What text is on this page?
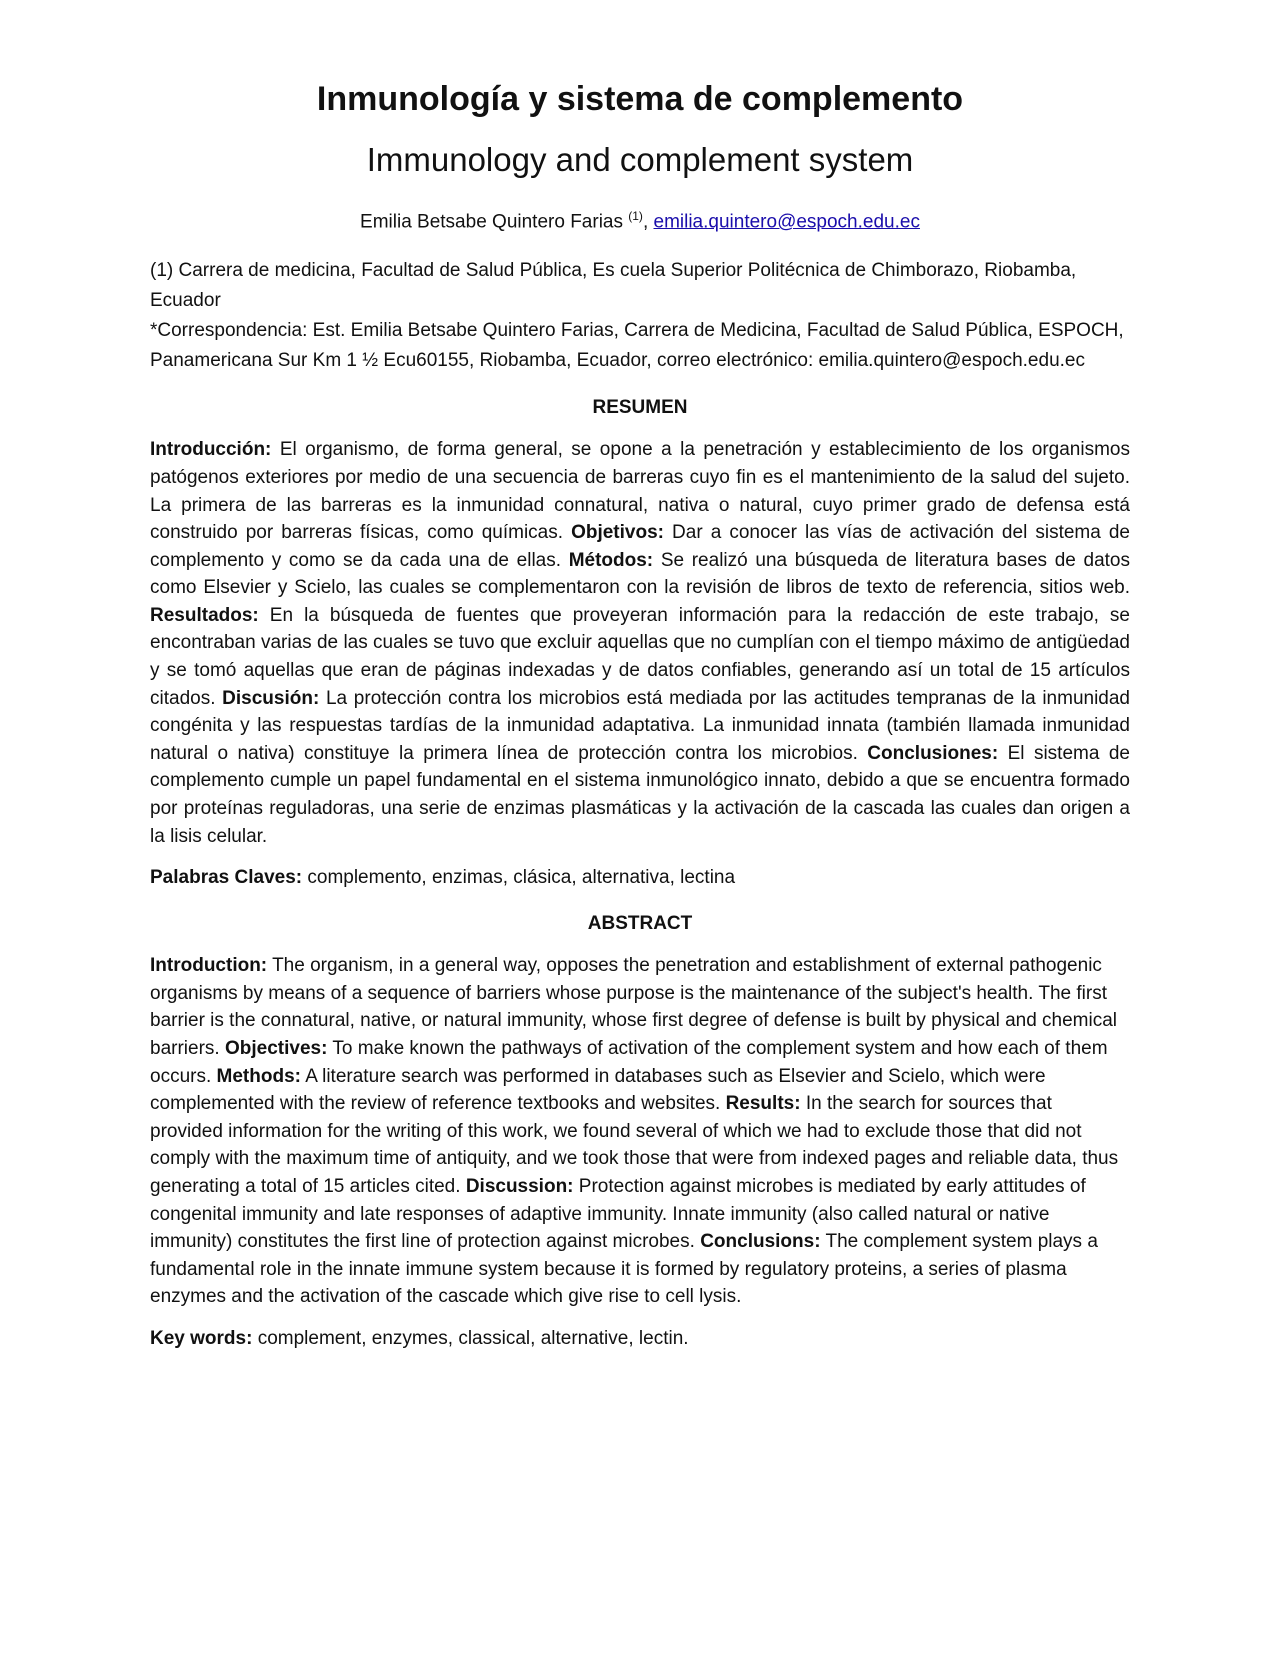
Inmunología y sistema de complemento
Immunology and complement system

Emilia Betsabe Quintero Farias $^{(1)}$, emilia.quintero@espoch.edu.ec

(1) Carrera de medicina, Facultad de Salud Pública, Es cuela Superior Politécnica de Chimborazo, Riobamba, Ecuador
*Correspondencia: Est. Emilia Betsabe Quintero Farias, Carrera de Medicina, Facultad de Salud Pública, ESPOCH, Panamericana Sur Km 1 ½ Ecu60155, Riobamba, Ecuador, correo electrónico: emilia.quintero@espoch.edu.ec
RESUMEN

Introducción: El organismo, de forma general, se opone a la penetración y establecimiento de los organismos patógenos exteriores por medio de una secuencia de barreras cuyo fin es el mantenimiento de la salud del sujeto. La primera de las barreras es la inmunidad connatural, nativa o natural, cuyo primer grado de defensa está construido por barreras físicas, como químicas. Objetivos: Dar a conocer las vías de activación del sistema de complemento y como se da cada una de ellas. Métodos: Se realizó una búsqueda de literatura bases de datos como Elsevier y Scielo, las cuales se complementaron con la revisión de libros de texto de referencia, sitios web. Resultados: En la búsqueda de fuentes que proveyeran información para la redacción de este trabajo, se encontraban varias de las cuales se tuvo que excluir aquellas que no cumplían con el tiempo máximo de antigüedad y se tomó aquellas que eran de páginas indexadas y de datos confiables, generando así un total de 15 artículos citados. Discusión: La protección contra los microbios está mediada por las actitudes tempranas de la inmunidad congénita y las respuestas tardías de la inmunidad adaptativa. La inmunidad innata (también llamada inmunidad natural o nativa) constituye la primera línea de protección contra los microbios. Conclusiones: El sistema de complemento cumple un papel fundamental en el sistema inmunológico innato, debido a que se encuentra formado por proteínas reguladoras, una serie de enzimas plasmáticas y la activación de la cascada las cuales dan origen a la lisis celular.

Palabras Claves: complemento, enzimas, clásica, alternativa, lectina

ABSTRACT

Introduction: The organism, in a general way, opposes the penetration and establishment of external pathogenic organisms by means of a sequence of barriers whose purpose is the maintenance of the subject's health. The first barrier is the connatural, native, or natural immunity, whose first degree of defense is built by physical and chemical barriers. Objectives: To make known the pathways of activation of the complement system and how each of them occurs. Methods: A literature search was performed in databases such as Elsevier and Scielo, which were complemented with the review of reference textbooks and websites. Results: In the search for sources that provided information for the writing of this work, we found several of which we had to exclude those that did not comply with the maximum time of antiquity, and we took those that were from indexed pages and reliable data, thus generating a total of 15 articles cited. Discussion: Protection against microbes is mediated by early attitudes of congenital immunity and late responses of adaptive immunity. Innate immunity (also called natural or native immunity) constitutes the first line of protection against microbes. Conclusions: The complement system plays a fundamental role in the innate immune system because it is formed by regulatory proteins, a series of plasma enzymes and the activation of the cascade which give rise to cell lysis.

Key words: complement, enzymes, classical, alternative, lectin.
